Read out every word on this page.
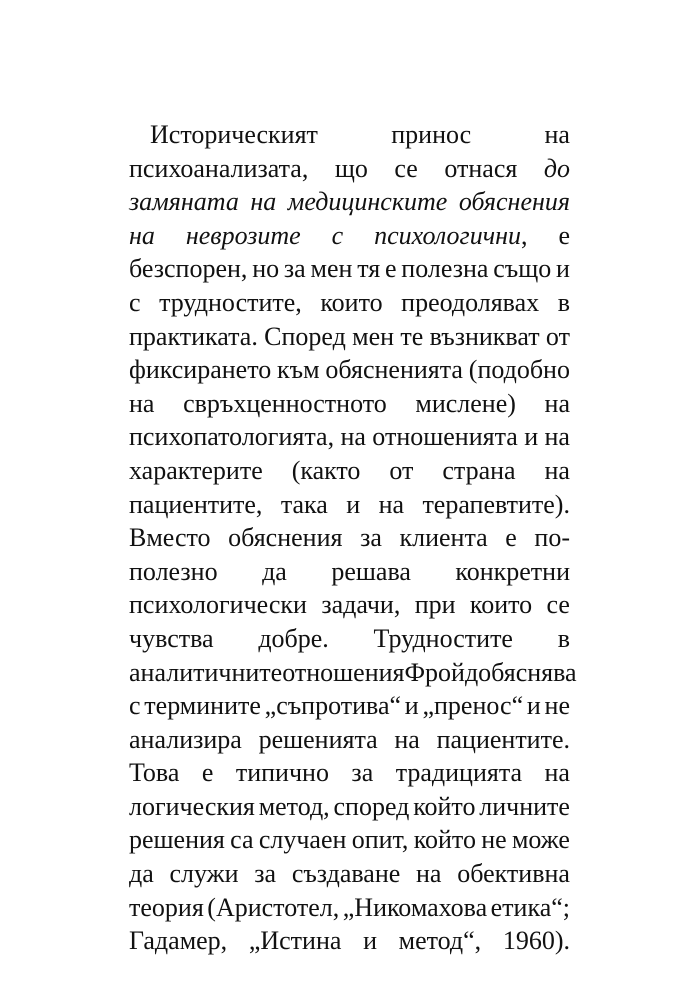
Историческият	принос	на
психоанализата, що се отнася до
замяната на медицинските обяснения
на неврозите с психологични, е
безспорен, но за мен тя е полезна също и
с трудностите, които преодолявах в
практиката. Според мен те възникват от
фиксирането към обясненията (подобно
на свръхценностното мислене) на
психопатологията, на отношенията и на
характерите (както от страна на
пациентите, така и на терапевтите).
Вместо обяснения за клиента е по-
полезно да решава конкретни
психологически задачи, при които се
чувства добре. Трудностите в
аналитичните отношения Фройд обяснява
с термините „съпротива“ и „пренос“ и не
анализира решенията на пациентите.
Това е типично за традицията на
логическия метод, според който личните
решения са случаен опит, който не може
да служи за създаване на обективна
теория (Аристотел, „Никомахова етика“;
Гадамер, „Истина и метод“, 1960).
